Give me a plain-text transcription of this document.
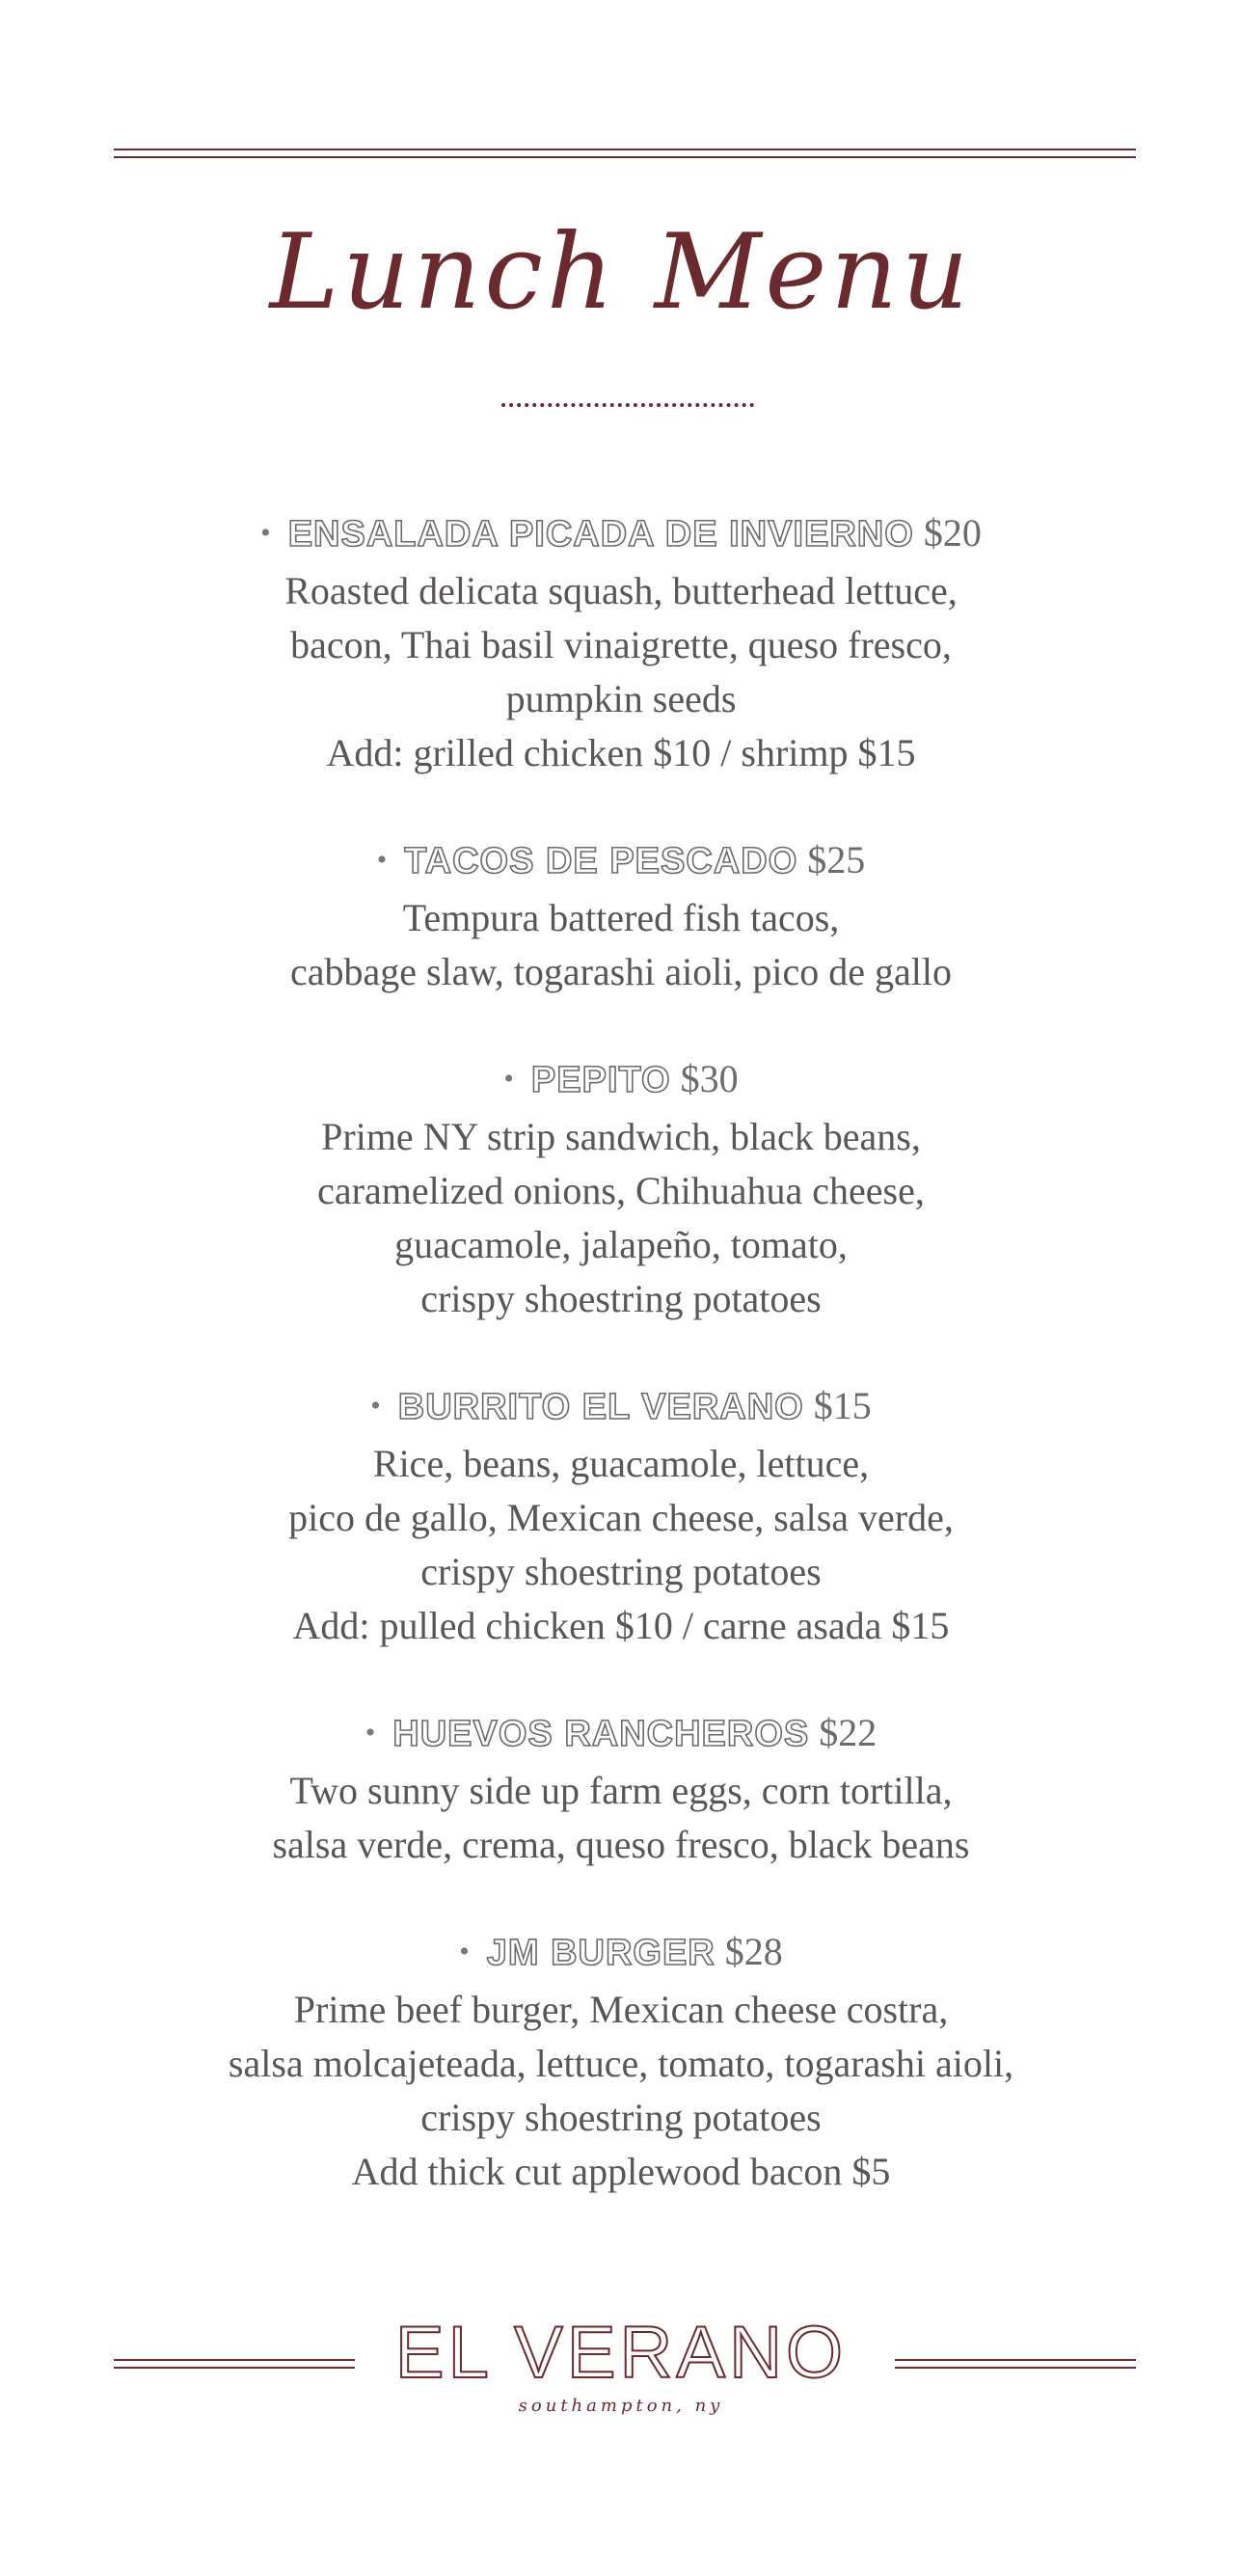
Lunch Menu
• ENSALADA PICADA DE INVIERNO $20
Roasted delicata squash, butterhead lettuce,
bacon, Thai basil vinaigrette, queso fresco,
pumpkin seeds
Add: grilled chicken $10 / shrimp $15
• TACOS DE PESCADO $25
Tempura battered fish tacos,
cabbage slaw, togarashi aioli, pico de gallo
• PEPITO $30
Prime NY strip sandwich, black beans,
caramelized onions, Chihuahua cheese,
guacamole, jalapeño, tomato,
crispy shoestring potatoes
• BURRITO EL VERANO $15
Rice, beans, guacamole, lettuce,
pico de gallo, Mexican cheese, salsa verde,
crispy shoestring potatoes
Add: pulled chicken $10 / carne asada $15
• HUEVOS RANCHEROS $22
Two sunny side up farm eggs, corn tortilla,
salsa verde, crema, queso fresco, black beans
• JM BURGER $28
Prime beef burger, Mexican cheese costra,
salsa molcajeteada, lettuce, tomato, togarashi aioli,
crispy shoestring potatoes
Add thick cut applewood bacon $5
EL VERANO
southampton, ny
